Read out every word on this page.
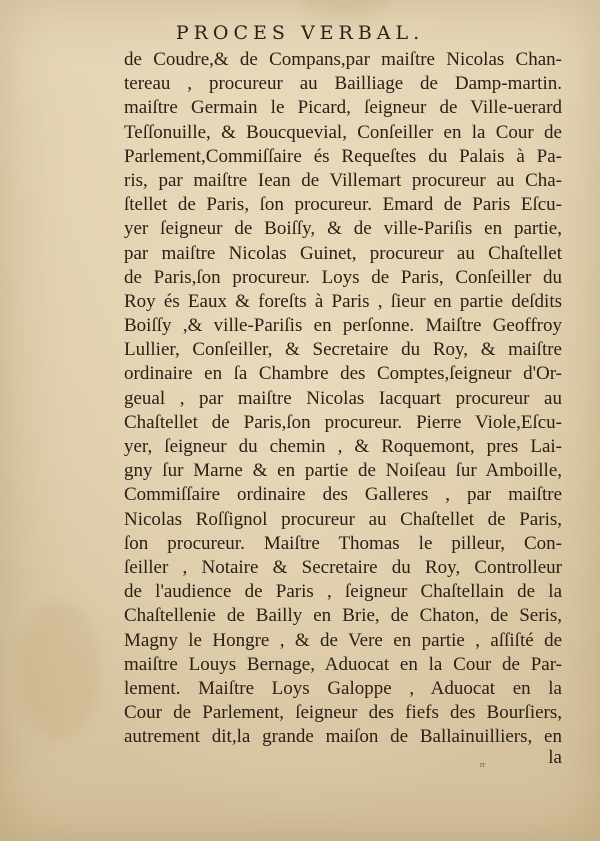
PROCES VERBAL.
de Coudre,& de Compans,par maiſtre Nicolas Chan-
tereau , procureur au Bailliage de Damp-martin.
maiſtre Germain le Picard, ſeigneur de Ville-uerard
Teſſonuille, & Boucquevial, Conſeiller en la Cour de
Parlement,Commiſſaire és Requeſtes du Palais à Pa-
ris, par maiſtre Iean de Villemart procureur au Cha-
ſtellet de Paris, ſon procureur. Emard de Paris Eſcu-
yer ſeigneur de Boiſſy, & de ville-Pariſis en partie,
par maiſtre Nicolas Guinet, procureur au Chaſtellet
de Paris,ſon procureur. Loys de Paris, Conſeiller du
Roy és Eaux & foreſts à Paris , ſieur en partie deſdits
Boiſſy ,& ville-Pariſis en perſonne. Maiſtre Geoffroy
Lullier, Conſeiller, & Secretaire du Roy, & maiſtre
ordinaire en ſa Chambre des Comptes,ſeigneur d'Or-
geual , par maiſtre Nicolas Iacquart procureur au
Chaſtellet de Paris,ſon procureur. Pierre Viole,Eſcu-
yer, ſeigneur du chemin , & Roquemont, pres Lai-
gny ſur Marne & en partie de Noiſeau ſur Amboille,
Commiſſaire ordinaire des Galleres , par maiſtre
Nicolas Roſſignol procureur au Chaſtellet de Paris,
ſon procureur. Maiſtre Thomas le pilleur, Con-
ſeiller , Notaire & Secretaire du Roy, Controlleur
de l'audience de Paris , ſeigneur Chaſtellain de la
Chaſtellenie de Bailly en Brie, de Chaton, de Seris,
Magny le Hongre , & de Vere en partie , aſſiſté de
maiſtre Louys Bernage, Aduocat en la Cour de Par-
lement. Maiſtre Loys Galoppe , Aduocat en la
Cour de Parlement, ſeigneur des fiefs des Bourſiers,
autrement dit,la grande maiſon de Ballainuilliers, en
rr	la
